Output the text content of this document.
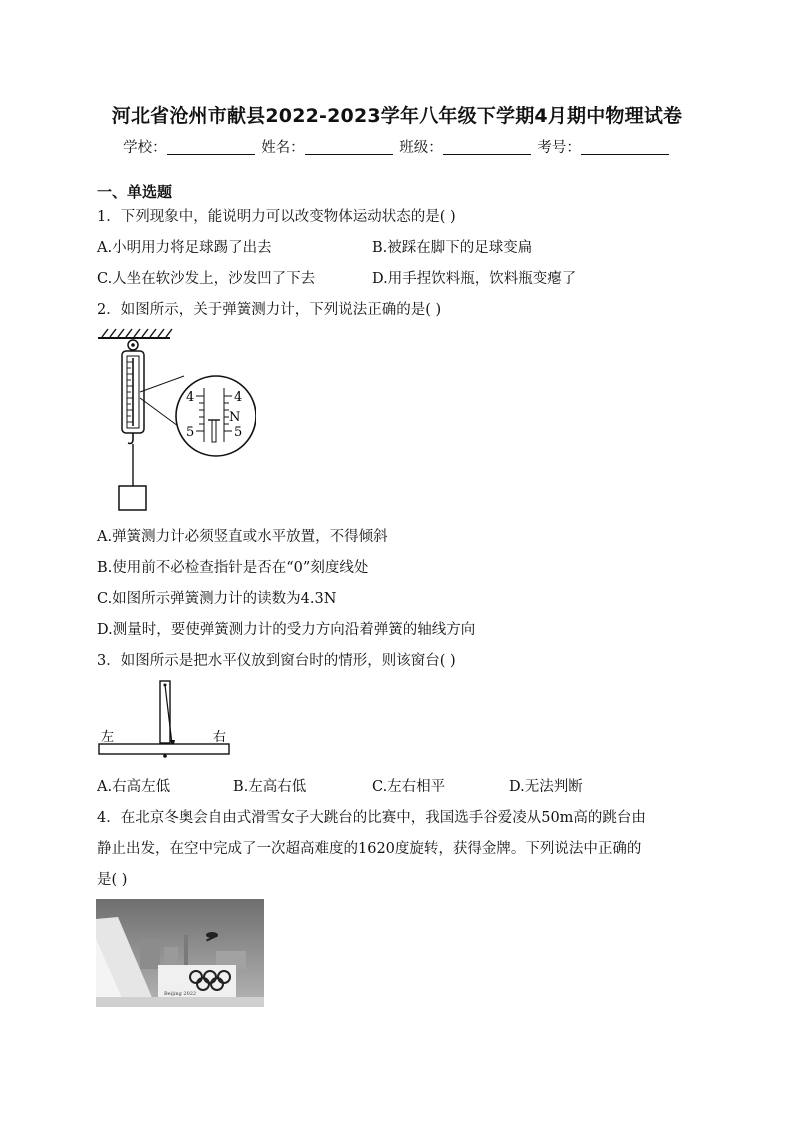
河北省沧州市献县2022-2023学年八年级下学期4月期中物理试卷
学校：	姓名：	班级：	考号：
一、单选题
1．下列现象中，能说明力可以改变物体运动状态的是( )
A.小明用力将足球踢了出去	B.被踩在脚下的足球变扁
C.人坐在软沙发上，沙发凹了下去	D.用手捏饮料瓶，饮料瓶变瘪了
2．如图所示，关于弹簧测力计，下列说法正确的是( )
4	4
N
5	5
A.弹簧测力计必须竖直或水平放置，不得倾斜
B.使用前不必检查指针是否在“0”刻度线处
C.如图所示弹簧测力计的读数为4.3N
D.测量时，要使弹簧测力计的受力方向沿着弹簧的轴线方向
3．如图所示是把水平仪放到窗台时的情形，则该窗台( )
左	右
A.右高左低	B.左高右低	C.左右相平	D.无法判断
4．在北京冬奥会自由式滑雪女子大跳台的比赛中，我国选手谷爱凌从50m高的跳台由
静止出发，在空中完成了一次超高难度的1620度旋转，获得金牌。下列说法中正确的
是( )
Beijing 2022
